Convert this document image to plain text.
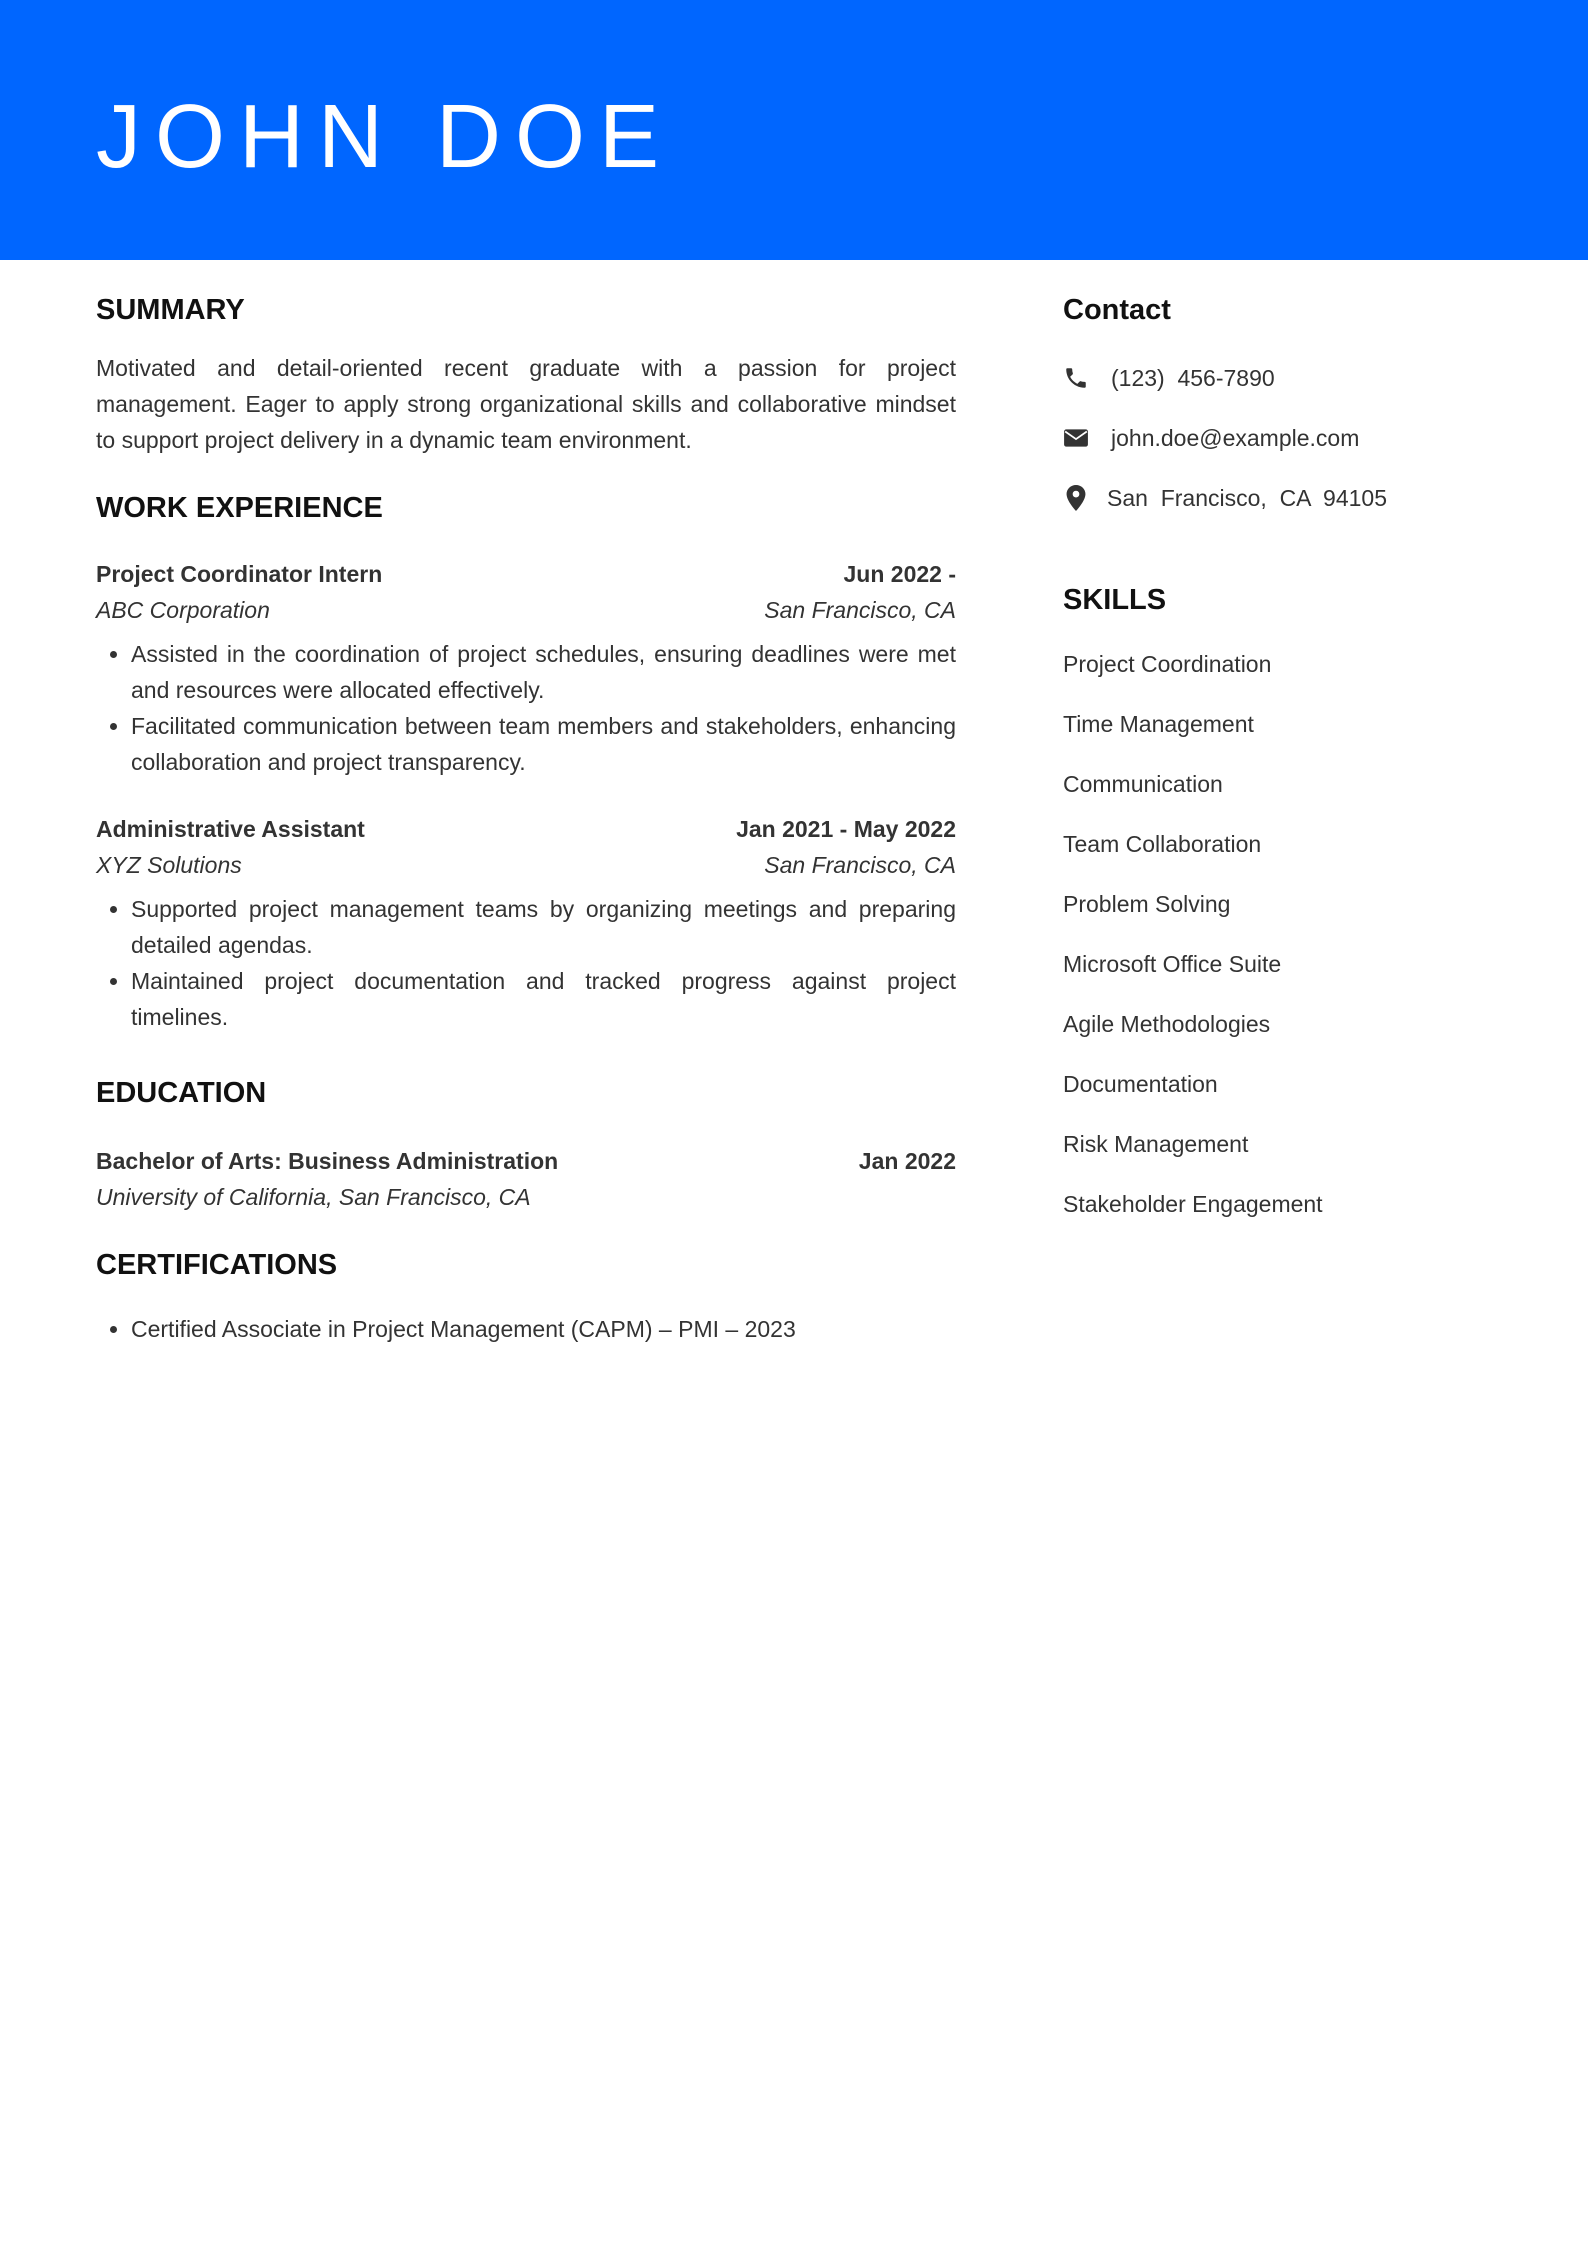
JOHN DOE
SUMMARY
Motivated and detail-oriented recent graduate with a passion for project management. Eager to apply strong organizational skills and collaborative mindset to support project delivery in a dynamic team environment.
WORK EXPERIENCE
Project Coordinator Intern	Jun 2022 -
ABC Corporation	San Francisco, CA
• Assisted in the coordination of project schedules, ensuring deadlines were met and resources were allocated effectively.
• Facilitated communication between team members and stakeholders, enhancing collaboration and project transparency.
Administrative Assistant	Jan 2021 - May 2022
XYZ Solutions	San Francisco, CA
• Supported project management teams by organizing meetings and preparing detailed agendas.
• Maintained project documentation and tracked progress against project timelines.
EDUCATION
Bachelor of Arts: Business Administration	Jan 2022
University of California, San Francisco, CA
CERTIFICATIONS
• Certified Associate in Project Management (CAPM) – PMI – 2023
Contact
(123)  456-7890
john.doe@example.com
San  Francisco,  CA  94105
SKILLS
Project Coordination
Time Management
Communication
Team Collaboration
Problem Solving
Microsoft Office Suite
Agile Methodologies
Documentation
Risk Management
Stakeholder Engagement
